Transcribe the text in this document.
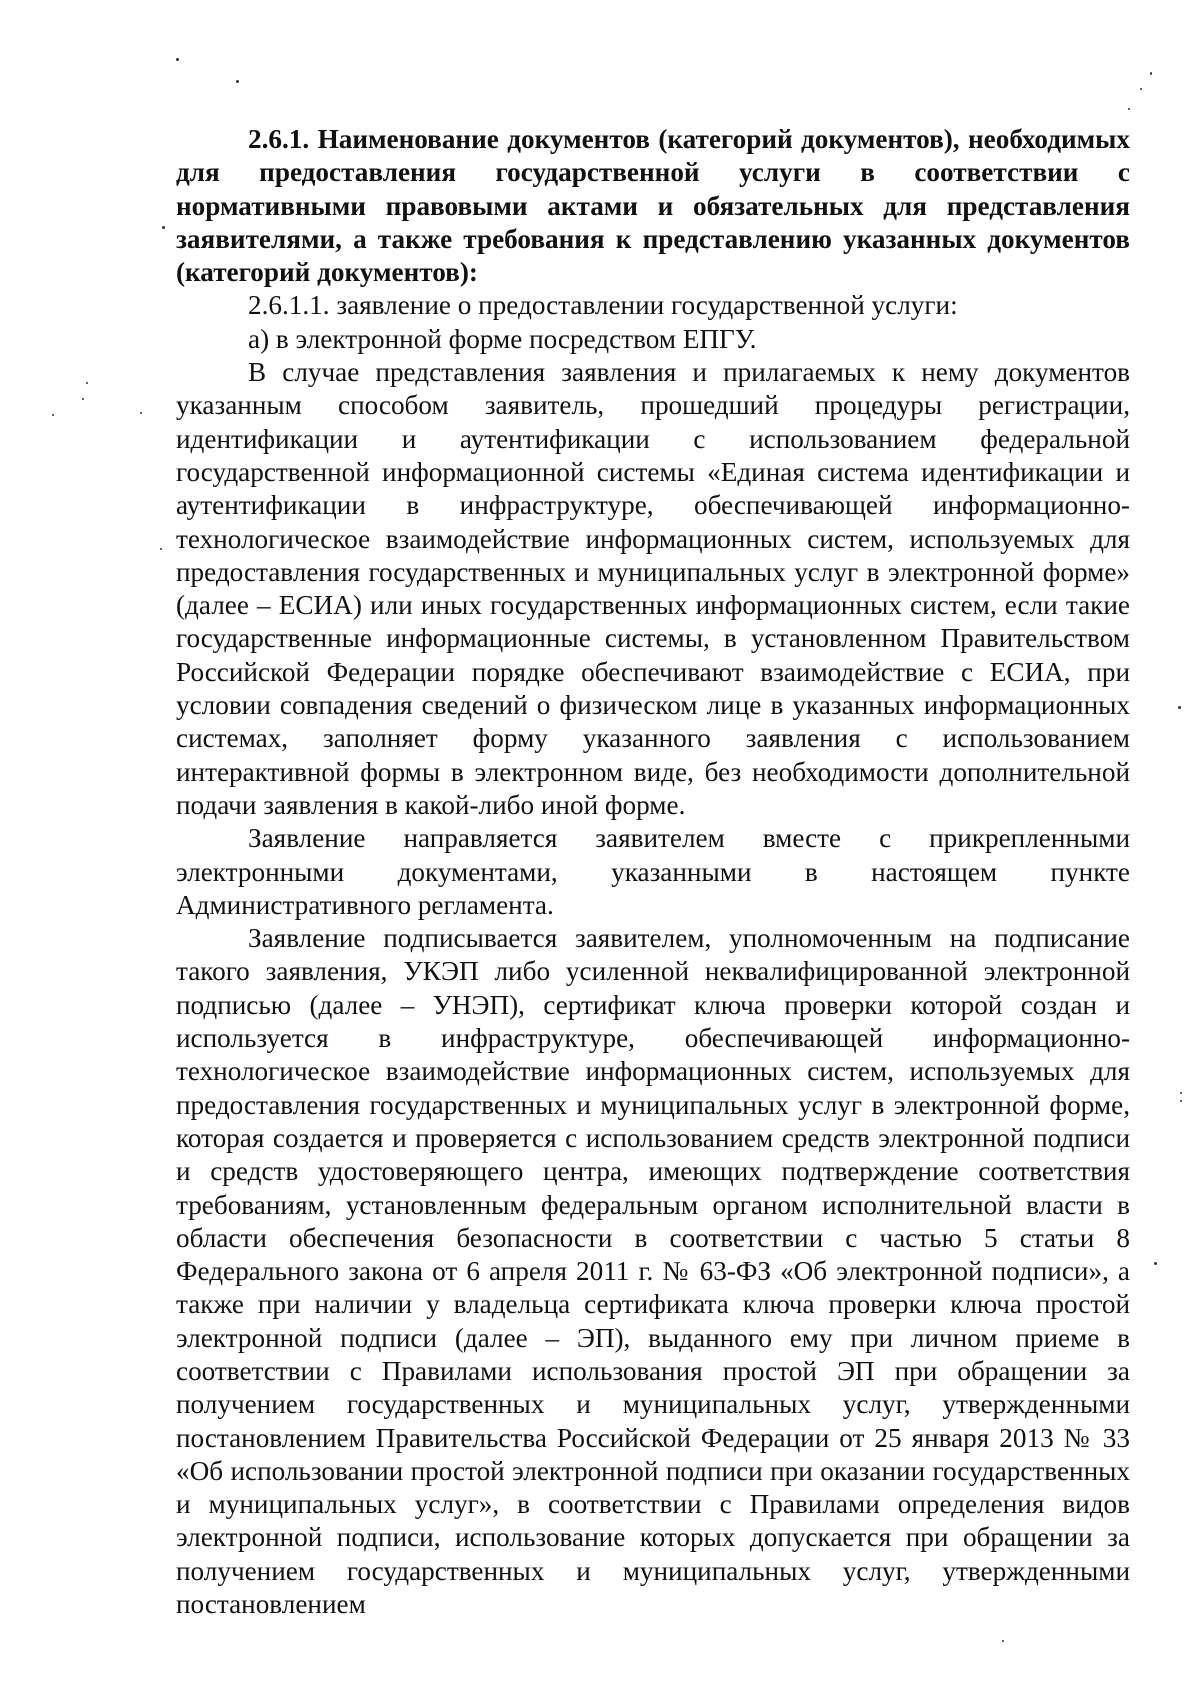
2.6.1. Наименование документов (категорий документов), необходимых для предоставления государственной услуги в соответствии с нормативными правовыми актами и обязательных для представления заявителями, а также требования к представлению указанных документов (категорий документов):

2.6.1.1. заявление о предоставлении государственной услуги:

а) в электронной форме посредством ЕПГУ.

В случае представления заявления и прилагаемых к нему документов указанным способом заявитель, прошедший процедуры регистрации, идентификации и аутентификации с использованием федеральной государственной информационной системы «Единая система идентификации и аутентификации в инфраструктуре, обеспечивающей информационно-технологическое взаимодействие информационных систем, используемых для предоставления государственных и муниципальных услуг в электронной форме» (далее – ЕСИА) или иных государственных информационных систем, если такие государственные информационные системы, в установленном Правительством Российской Федерации порядке обеспечивают взаимодействие с ЕСИА, при условии совпадения сведений о физическом лице в указанных информационных системах, заполняет форму указанного заявления с использованием интерактивной формы в электронном виде, без необходимости дополнительной подачи заявления в какой-либо иной форме.

Заявление направляется заявителем вместе с прикрепленными электронными документами, указанными в настоящем пункте Административного регламента.

Заявление подписывается заявителем, уполномоченным на подписание такого заявления, УКЭП либо усиленной неквалифицированной электронной подписью (далее – УНЭП), сертификат ключа проверки которой создан и используется в инфраструктуре, обеспечивающей информационно-технологическое взаимодействие информационных систем, используемых для предоставления государственных и муниципальных услуг в электронной форме, которая создается и проверяется с использованием средств электронной подписи и средств удостоверяющего центра, имеющих подтверждение соответствия требованиям, установленным федеральным органом исполнительной власти в области обеспечения безопасности в соответствии с частью 5 статьи 8 Федерального закона от 6 апреля 2011 г. № 63-ФЗ «Об электронной подписи», а также при наличии у владельца сертификата ключа проверки ключа простой электронной подписи (далее – ЭП), выданного ему при личном приеме в соответствии с Правилами использования простой ЭП при обращении за получением государственных и муниципальных услуг, утвержденными постановлением Правительства Российской Федерации от 25 января 2013 № 33 «Об использовании простой электронной подписи при оказании государственных и муниципальных услуг», в соответствии с Правилами определения видов электронной подписи, использование которых допускается при обращении за получением государственных и муниципальных услуг, утвержденными постановлением
